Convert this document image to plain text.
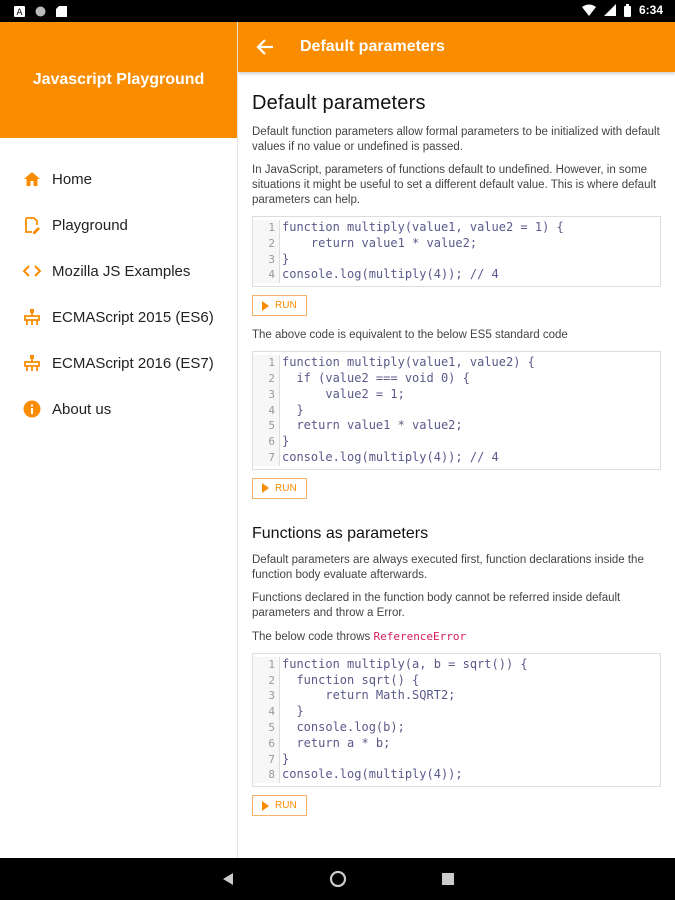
A	6:34
Javascript Playground
Home
Playground
Mozilla JS Examples
ECMAScript 2015 (ES6)
ECMAScript 2016 (ES7)
About us
Default parameters
Default parameters

Default function parameters allow formal parameters to be initialized with default values if no value or undefined is passed.

In JavaScript, parameters of functions default to undefined. However, in some situations it might be useful to set a different default value. This is where default parameters can help.

1 function multiply(value1, value2 = 1) {
2 return value1 * value2;
3 }
4 console.log(multiply(4)); // 4
RUN

The above code is equivalent to the below ES5 standard code

1 function multiply(value1, value2) {
2 if (value2 === void 0) {
3 value2 = 1;
4 }
5 return value1 * value2;
6 }
7 console.log(multiply(4)); // 4
RUN
Functions as parameters

Default parameters are always executed first, function declarations inside the function body evaluate afterwards.

Functions declared in the function body cannot be referred inside default parameters and throw a Error.

The below code throws ReferenceError

1 function multiply(a, b = sqrt()) {
2 function sqrt() {
3 return Math.SQRT2;
4 }
5 console.log(b);
6 return a * b;
7 }
8 console.log(multiply(4));
RUN
